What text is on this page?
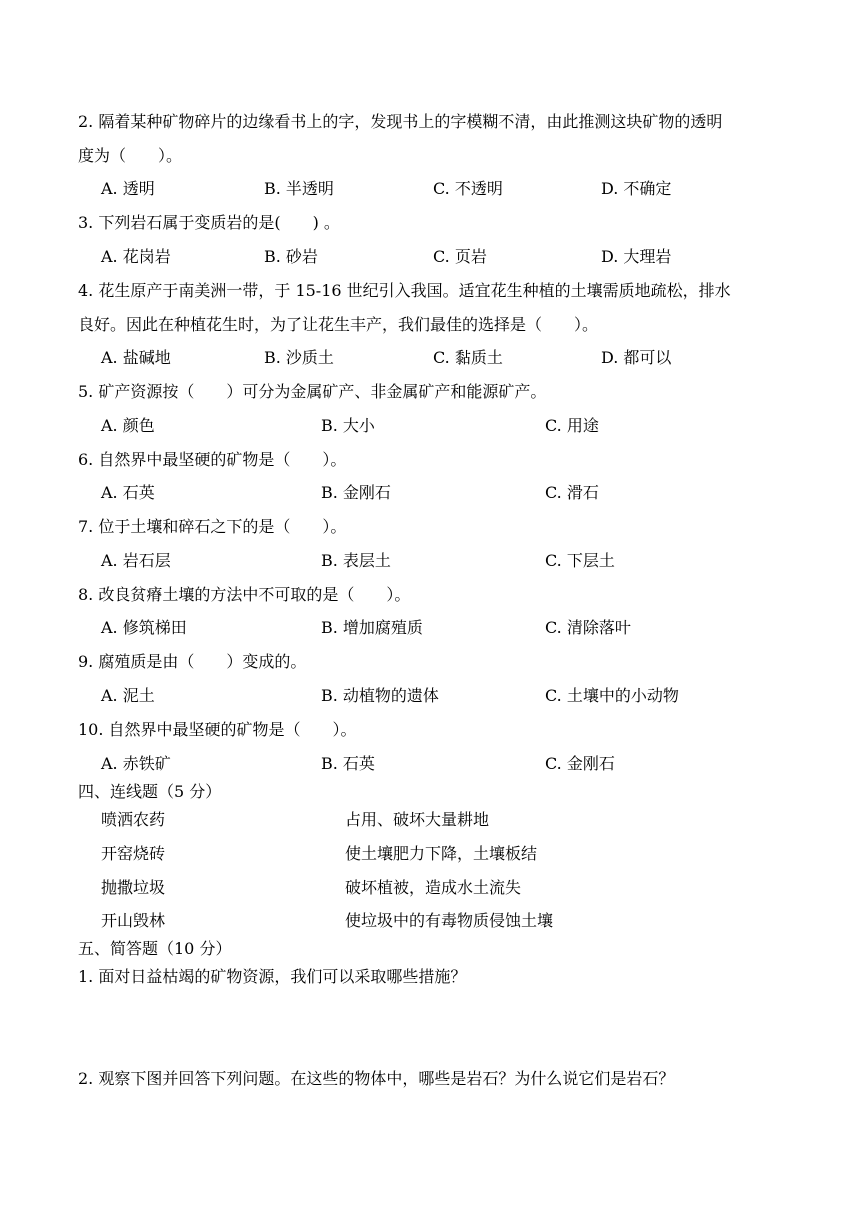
2. 隔着某种矿物碎片的边缘看书上的字，发现书上的字模糊不清，由此推测这块矿物的透明
度为（　　）。
A. 透明	B. 半透明	C. 不透明	D. 不确定
3. 下列岩石属于变质岩的是(　　) 。
A. 花岗岩	B. 砂岩	C. 页岩	D. 大理岩
4. 花生原产于南美洲一带，于 15-16 世纪引入我国。适宜花生种植的土壤需质地疏松，排水
良好。因此在种植花生时，为了让花生丰产，我们最佳的选择是（　　）。
A. 盐碱地	B. 沙质土	C. 黏质土	D. 都可以
5. 矿产资源按（　　）可分为金属矿产、非金属矿产和能源矿产。
A. 颜色	B. 大小	C. 用途
6. 自然界中最坚硬的矿物是（　　）。
A. 石英	B. 金刚石	C. 滑石
7. 位于土壤和碎石之下的是（　　）。
A. 岩石层	B. 表层土	C. 下层土
8. 改良贫瘠土壤的方法中不可取的是（　　）。
A. 修筑梯田	B. 增加腐殖质	C. 清除落叶
9. 腐殖质是由（　　）变成的。
A. 泥土	B. 动植物的遗体	C. 土壤中的小动物
10. 自然界中最坚硬的矿物是（　　）。
A. 赤铁矿	B. 石英	C. 金刚石
四、连线题（5 分）
喷洒农药	占用、破坏大量耕地
开窑烧砖	使土壤肥力下降，土壤板结
抛撒垃圾	破坏植被，造成水土流失
开山毁林	使垃圾中的有毒物质侵蚀土壤
五、简答题（10 分）
1. 面对日益枯竭的矿物资源，我们可以采取哪些措施？
2. 观察下图并回答下列问题。在这些的物体中，哪些是岩石？为什么说它们是岩石？
